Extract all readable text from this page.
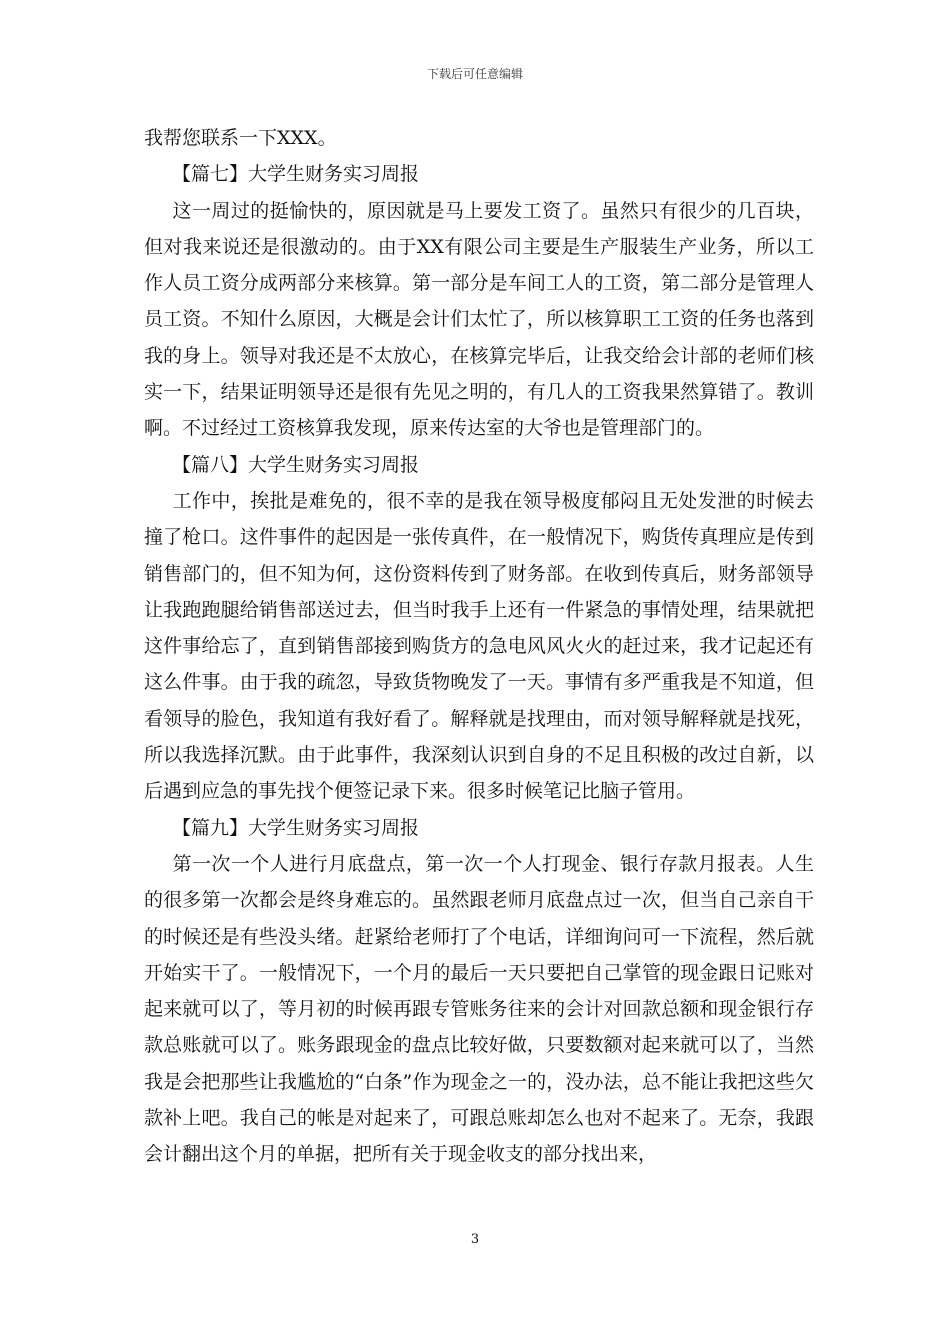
下载后可任意编辑

我帮您联系一下XXX。

【篇七】大学生财务实习周报

这一周过的挺愉快的，原因就是马上要发工资了。虽然只有很少的几百块，但对我来说还是很激动的。由于XX有限公司主要是生产服装生产业务，所以工作人员工资分成两部分来核算。第一部分是车间工人的工资，第二部分是管理人员工资。不知什么原因，大概是会计们太忙了，所以核算职工工资的任务也落到我的身上。领导对我还是不太放心，在核算完毕后，让我交给会计部的老师们核实一下，结果证明领导还是很有先见之明的，有几人的工资我果然算错了。教训啊。不过经过工资核算我发现，原来传达室的大爷也是管理部门的。

【篇八】大学生财务实习周报

工作中，挨批是难免的，很不幸的是我在领导极度郁闷且无处发泄的时候去撞了枪口。这件事件的起因是一张传真件，在一般情况下，购货传真理应是传到销售部门的，但不知为何，这份资料传到了财务部。在收到传真后，财务部领导让我跑跑腿给销售部送过去，但当时我手上还有一件紧急的事情处理，结果就把这件事给忘了，直到销售部接到购货方的急电风风火火的赶过来，我才记起还有这么件事。由于我的疏忽，导致货物晚发了一天。事情有多严重我是不知道，但看领导的脸色，我知道有我好看了。解释就是找理由，而对领导解释就是找死，所以我选择沉默。由于此事件，我深刻认识到自身的不足且积极的改过自新，以后遇到应急的事先找个便签记录下来。很多时候笔记比脑子管用。

【篇九】大学生财务实习周报

第一次一个人进行月底盘点，第一次一个人打现金、银行存款月报表。人生的很多第一次都会是终身难忘的。虽然跟老师月底盘点过一次，但当自己亲自干的时候还是有些没头绪。赶紧给老师打了个电话，详细询问可一下流程，然后就开始实干了。一般情况下，一个月的最后一天只要把自己掌管的现金跟日记账对起来就可以了，等月初的时候再跟专管账务往来的会计对回款总额和现金银行存款总账就可以了。账务跟现金的盘点比较好做，只要数额对起来就可以了，当然我是会把那些让我尴尬的“白条”作为现金之一的，没办法，总不能让我把这些欠款补上吧。我自己的帐是对起来了，可跟总账却怎么也对不起来了。无奈，我跟会计翻出这个月的单据，把所有关于现金收支的部分找出来，

3
